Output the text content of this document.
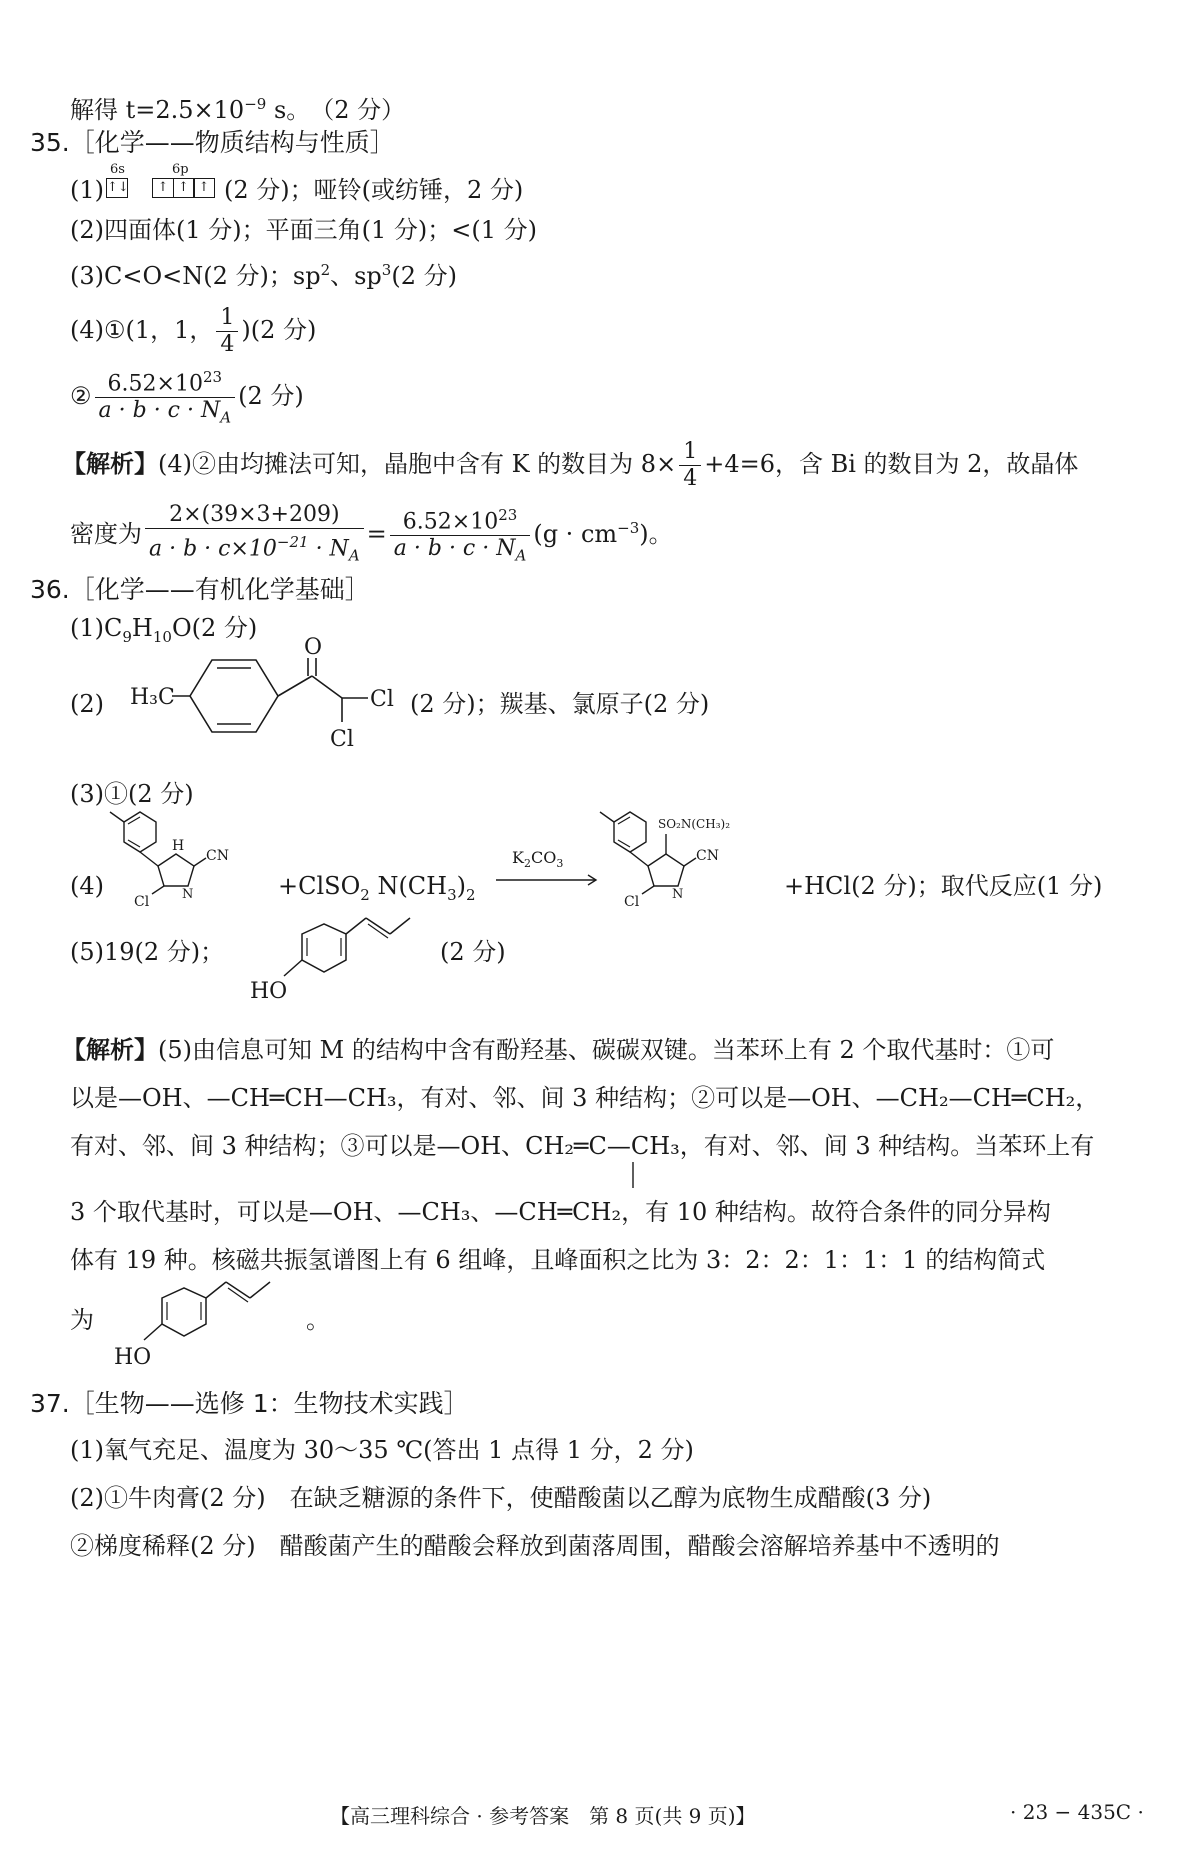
解得 $t=2.5\times 10^{-9}$ s。　（2 分）
35.［化学——物质结构与性质］
(1)
6s
↑↓
6p
↑ ↑ ↑ (2 分)；哑铃(或纺锤，2 分)
(2)四面体(1 分)；平面三角(1 分)；<(1 分)
(3)C<O<N(2 分)；$sp^2$、$sp^3(2$ 分)
(4)①(1，1， $\frac{1}{4} )(2$ 分)
② $\frac{6.52\times 10^{23}}{a \cdot b \cdot c \cdot N_A} (2$ 分)
【解析】(4)②由均摊法可知，晶胞中含有 K 的数目为 $8\times \frac{1}{4} +4=6$，含 Bi 的数目为 2，故晶体
密度为 $\frac{2\times(39\times 3+209)}{a \cdot b \cdot c\times 10^{-21} \cdot N_A} = \frac{6.52\times 10^{23}}{a \cdot b \cdot c \cdot N_A} (g \cdot cm^{-3})$。
36.［化学——有机化学基础］
$(1)C_9H_{10}O(2$ 分)
(2) H₃C
O
Cl
Cl
(2 分)；羰基、氯原子(2 分)
(3)①(2 分)
(4)
H
N
CN
Cl
+ClSO$_2$ $N(CH_3)_2$
$K_2CO_3$
SO₂N(CH₃)₂
N
CN
Cl
+HCl(2 分)；取代反应(1 分)
(5)19(2 分)；
HO
(2 分)
【解析】(5)由信息可知 M 的结构中含有酚羟基、碳碳双键。当苯环上有 2 个取代基时：①可
以是—OH、—CH═CH—CH₃，有对、邻、间 3 种结构；②可以是—OH、—CH₂—CH═CH₂，
有对、邻、间 3 种结构；③可以是—OH、CH₂═C—CH₃，有对、邻、间 3 种结构。当苯环上有
3 个取代基时，可以是—OH、—CH₃、—CH═CH₂，有 10 种结构。故符合条件的同分异构
体有 19 种。核磁共振氢谱图上有 6 组峰，且峰面积之比为 3：2：2：1：1：1 的结构简式
为
HO
。
37.［生物——选修 1：生物技术实践］
(1)氧气充足、温度为 30～35 ℃(答出 1 点得 1 分，2 分)
(2)①牛肉膏(2 分)　在缺乏糖源的条件下，使醋酸菌以乙醇为底物生成醋酸(3 分)
②梯度稀释(2 分)　醋酸菌产生的醋酸会释放到菌落周围，醋酸会溶解培养基中不透明的
【高三理科综合 · 参考答案　第 8 页(共 9 页)】	· 23 − 435C ·
